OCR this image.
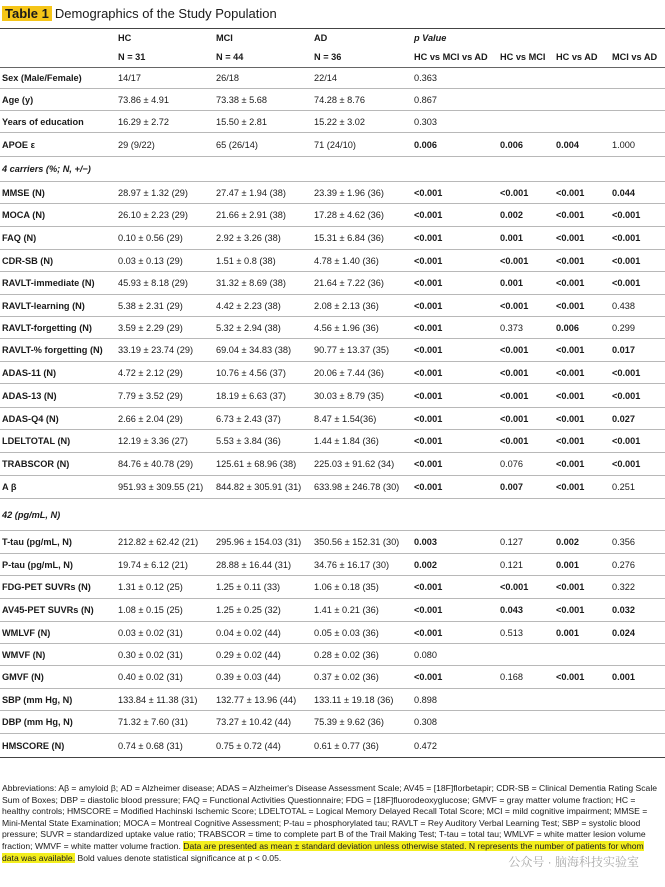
Table 1 Demographics of the Study Population
	HC	MCI	AD	p Value			
	N = 31	N = 44	N = 36	HC vs MCI vs AD	HC vs MCI	HC vs AD	MCI vs AD
Sex (Male/Female)	14/17	26/18	22/14	0.363			
Age (y)	73.86 ± 4.91	73.38 ± 5.68	74.28 ± 8.76	0.867			
Years of education	16.29 ± 2.72	15.50 ± 2.81	15.22 ± 3.02	0.303			
APOE ε	29 (9/22)	65 (26/14)	71 (24/10)	0.006	0.006	0.004	1.000
4 carriers (%; N, +/−)							
MMSE (N)	28.97 ± 1.32 (29)	27.47 ± 1.94 (38)	23.39 ± 1.96 (36)	<0.001	<0.001	<0.001	0.044
MOCA (N)	26.10 ± 2.23 (29)	21.66 ± 2.91 (38)	17.28 ± 4.62 (36)	<0.001	0.002	<0.001	<0.001
FAQ (N)	0.10 ± 0.56 (29)	2.92 ± 3.26 (38)	15.31 ± 6.84 (36)	<0.001	0.001	<0.001	<0.001
CDR-SB (N)	0.03 ± 0.13 (29)	1.51 ± 0.8 (38)	4.78 ± 1.40 (36)	<0.001	<0.001	<0.001	<0.001
RAVLT-immediate (N)	45.93 ± 8.18 (29)	31.32 ± 8.69 (38)	21.64 ± 7.22 (36)	<0.001	0.001	<0.001	<0.001
RAVLT-learning (N)	5.38 ± 2.31 (29)	4.42 ± 2.23 (38)	2.08 ± 2.13 (36)	<0.001	<0.001	<0.001	0.438
RAVLT-forgetting (N)	3.59 ± 2.29 (29)	5.32 ± 2.94 (38)	4.56 ± 1.96 (36)	<0.001	0.373	0.006	0.299
RAVLT-% forgetting (N)	33.19 ± 23.74 (29)	69.04 ± 34.83 (38)	90.77 ± 13.37 (35)	<0.001	<0.001	<0.001	0.017
ADAS-11 (N)	4.72 ± 2.12 (29)	10.76 ± 4.56 (37)	20.06 ± 7.44 (36)	<0.001	<0.001	<0.001	<0.001
ADAS-13 (N)	7.79 ± 3.52 (29)	18.19 ± 6.63 (37)	30.03 ± 8.79 (35)	<0.001	<0.001	<0.001	<0.001
ADAS-Q4 (N)	2.66 ± 2.04 (29)	6.73 ± 2.43 (37)	8.47 ± 1.54(36)	<0.001	<0.001	<0.001	0.027
LDELTOTAL (N)	12.19 ± 3.36 (27)	5.53 ± 3.84 (36)	1.44 ± 1.84 (36)	<0.001	<0.001	<0.001	<0.001
TRABSCOR (N)	84.76 ± 40.78 (29)	125.61 ± 68.96 (38)	225.03 ± 91.62 (34)	<0.001	0.076	<0.001	<0.001
A β	951.93 ± 309.55 (21)	844.82 ± 305.91 (31)	633.98 ± 246.78 (30)	<0.001	0.007	<0.001	0.251
42 (pg/mL, N)							
T-tau (pg/mL, N)	212.82 ± 62.42 (21)	295.96 ± 154.03 (31)	350.56 ± 152.31 (30)	0.003	0.127	0.002	0.356
P-tau (pg/mL, N)	19.74 ± 6.12 (21)	28.88 ± 16.44 (31)	34.76 ± 16.17 (30)	0.002	0.121	0.001	0.276
FDG-PET SUVRs (N)	1.31 ± 0.12 (25)	1.25 ± 0.11 (33)	1.06 ± 0.18 (35)	<0.001	<0.001	<0.001	0.322
AV45-PET SUVRs (N)	1.08 ± 0.15 (25)	1.25 ± 0.25 (32)	1.41 ± 0.21 (36)	<0.001	0.043	<0.001	0.032
WMLVF (N)	0.03 ± 0.02 (31)	0.04 ± 0.02 (44)	0.05 ± 0.03 (36)	<0.001	0.513	0.001	0.024
WMVF (N)	0.30 ± 0.02 (31)	0.29 ± 0.02 (44)	0.28 ± 0.02 (36)	0.080			
GMVF (N)	0.40 ± 0.02 (31)	0.39 ± 0.03 (44)	0.37 ± 0.02 (36)	<0.001	0.168	<0.001	0.001
SBP (mm Hg, N)	133.84 ± 11.38 (31)	132.77 ± 13.96 (44)	133.11 ± 19.18 (36)	0.898			
DBP (mm Hg, N)	71.32 ± 7.60 (31)	73.27 ± 10.42 (44)	75.39 ± 9.62 (36)	0.308			
HMSCORE (N)	0.74 ± 0.68 (31)	0.75 ± 0.72 (44)	0.61 ± 0.77 (36)	0.472			
Abbreviations: Aβ = amyloid β; AD = Alzheimer disease; ADAS = Alzheimer's Disease Assessment Scale; AV45 = [18F]florbetapir; CDR-SB = Clinical Dementia Rating Scale Sum of Boxes; DBP = diastolic blood pressure; FAQ = Functional Activities Questionnaire; FDG = [18F]fluorodeoxyglucose; GMVF = gray matter volume fraction; HC = healthy controls; HMSCORE = Modified Hachinski Ischemic Score; LDELTOTAL = Logical Memory Delayed Recall Total Score; MCI = mild cognitive impairment; MMSE = Mini-Mental State Examination; MOCA = Montreal Cognitive Assessment; P-tau = phosphorylated tau; RAVLT = Rey Auditory Verbal Learning Test; SBP = systolic blood pressure; SUVR = standardized uptake value ratio; TRABSCOR = time to complete part B of the Trail Making Test; T-tau = total tau; WMLVF = white matter lesion volume fraction; WMVF = white matter volume fraction. Data are presented as mean ± standard deviation unless otherwise stated. N represents the number of patients for whom data was available. Bold values denote statistical significance at p < 0.05.	公众号 · 脑海科技实验室
